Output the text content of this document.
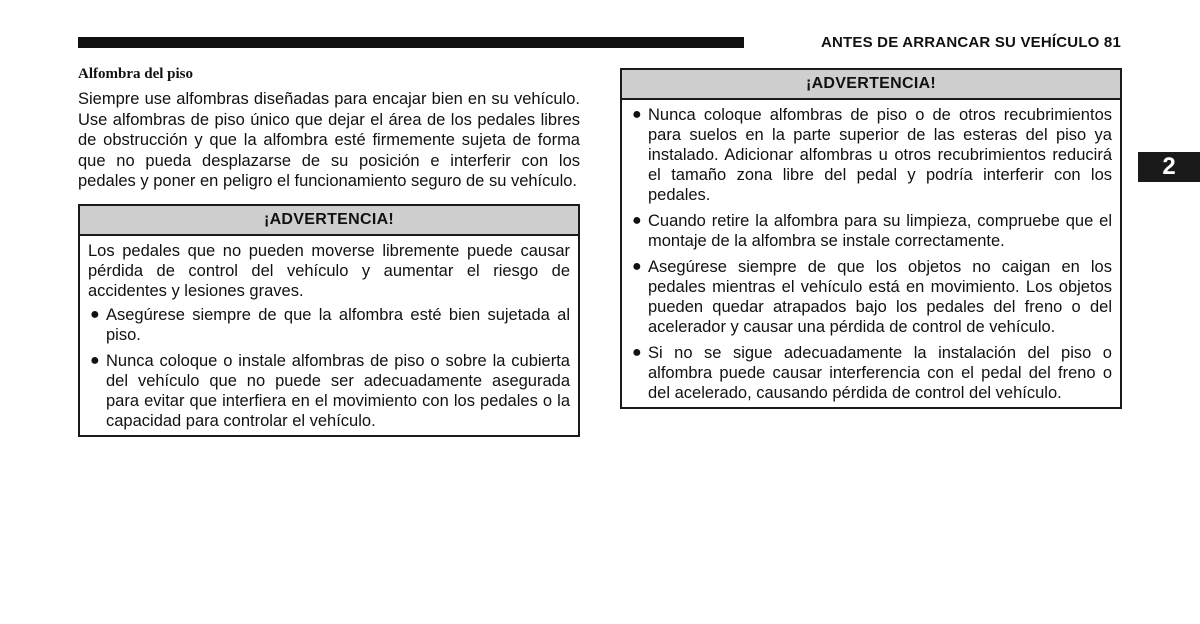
ANTES DE ARRANCAR SU VEHÍCULO 81
2
Alfombra del piso

Siempre use alfombras diseñadas para encajar bien en su vehículo. Use alfombras de piso único que dejar el área de los pedales libres de obstrucción y que la alfombra esté firmemente sujeta de forma que no pueda desplazarse de su posición e interferir con los pedales y poner en peligro el funcionamiento seguro de su vehículo.

¡ADVERTENCIA!

Los pedales que no pueden moverse libremente puede causar pérdida de control del vehículo y aumentar el riesgo de accidentes y lesiones graves.

● Asegúrese siempre de que la alfombra esté bien sujetada al piso.
● Nunca coloque o instale alfombras de piso o sobre la cubierta del vehículo que no puede ser adecuadamente asegurada para evitar que interfiera en el movimiento con los pedales o la capacidad para controlar el vehículo.
¡ADVERTENCIA!
● Nunca coloque alfombras de piso o de otros recubrimientos para suelos en la parte superior de las esteras del piso ya instalado. Adicionar alfombras u otros recubrimientos reducirá el tamaño zona libre del pedal y podría interferir con los pedales.
● Cuando retire la alfombra para su limpieza, compruebe que el montaje de la alfombra se instale correctamente.
● Asegúrese siempre de que los objetos no caigan en los pedales mientras el vehículo está en movimiento. Los objetos pueden quedar atrapados bajo los pedales del freno o del acelerador y causar una pérdida de control de vehículo.
● Si no se sigue adecuadamente la instalación del piso o alfombra puede causar interferencia con el pedal del freno o del acelerado, causando pérdida de control del vehículo.
